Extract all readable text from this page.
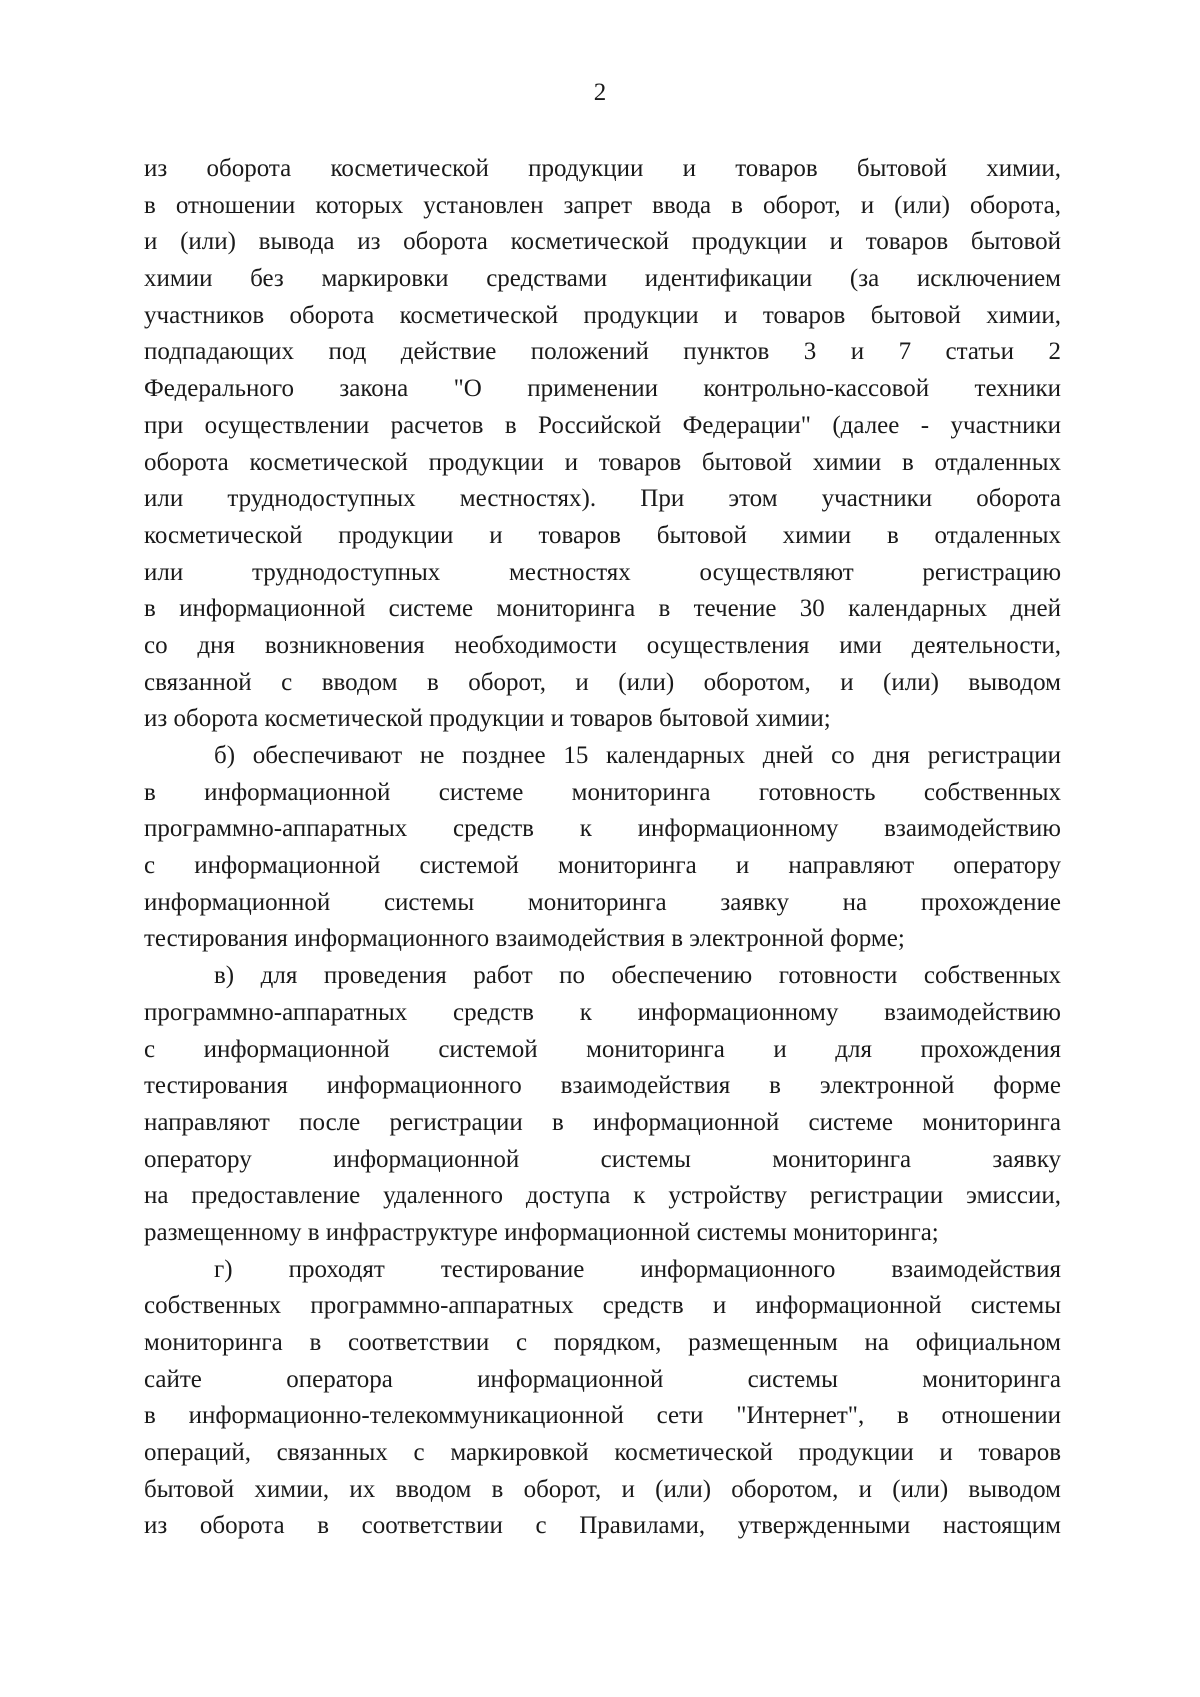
2
из оборота косметической продукции и товаров бытовой химии,
в отношении которых установлен запрет ввода в оборот, и (или) оборота,
и (или) вывода из оборота косметической продукции и товаров бытовой
химии без маркировки средствами идентификации (за исключением
участников оборота косметической продукции и товаров бытовой химии,
подпадающих под действие положений пунктов 3 и 7 статьи 2
Федерального закона "О применении контрольно-кассовой техники
при осуществлении расчетов в Российской Федерации" (далее - участники
оборота косметической продукции и товаров бытовой химии в отдаленных
или труднодоступных местностях). При этом участники оборота
косметической продукции и товаров бытовой химии в отдаленных
или труднодоступных местностях осуществляют регистрацию
в информационной системе мониторинга в течение 30 календарных дней
со дня возникновения необходимости осуществления ими деятельности,
связанной с вводом в оборот, и (или) оборотом, и (или) выводом
из оборота косметической продукции и товаров бытовой химии;
б) обеспечивают не позднее 15 календарных дней со дня регистрации
в информационной системе мониторинга готовность собственных
программно-аппаратных средств к информационному взаимодействию
с информационной системой мониторинга и направляют оператору
информационной системы мониторинга заявку на прохождение
тестирования информационного взаимодействия в электронной форме;
в) для проведения работ по обеспечению готовности собственных
программно-аппаратных средств к информационному взаимодействию
с информационной системой мониторинга и для прохождения
тестирования информационного взаимодействия в электронной форме
направляют после регистрации в информационной системе мониторинга
оператору информационной системы мониторинга заявку
на предоставление удаленного доступа к устройству регистрации эмиссии,
размещенному в инфраструктуре информационной системы мониторинга;
г) проходят тестирование информационного взаимодействия
собственных программно-аппаратных средств и информационной системы
мониторинга в соответствии с порядком, размещенным на официальном
сайте оператора информационной системы мониторинга
в информационно-телекоммуникационной сети "Интернет", в отношении
операций, связанных с маркировкой косметической продукции и товаров
бытовой химии, их вводом в оборот, и (или) оборотом, и (или) выводом
из оборота в соответствии с Правилами, утвержденными настоящим
